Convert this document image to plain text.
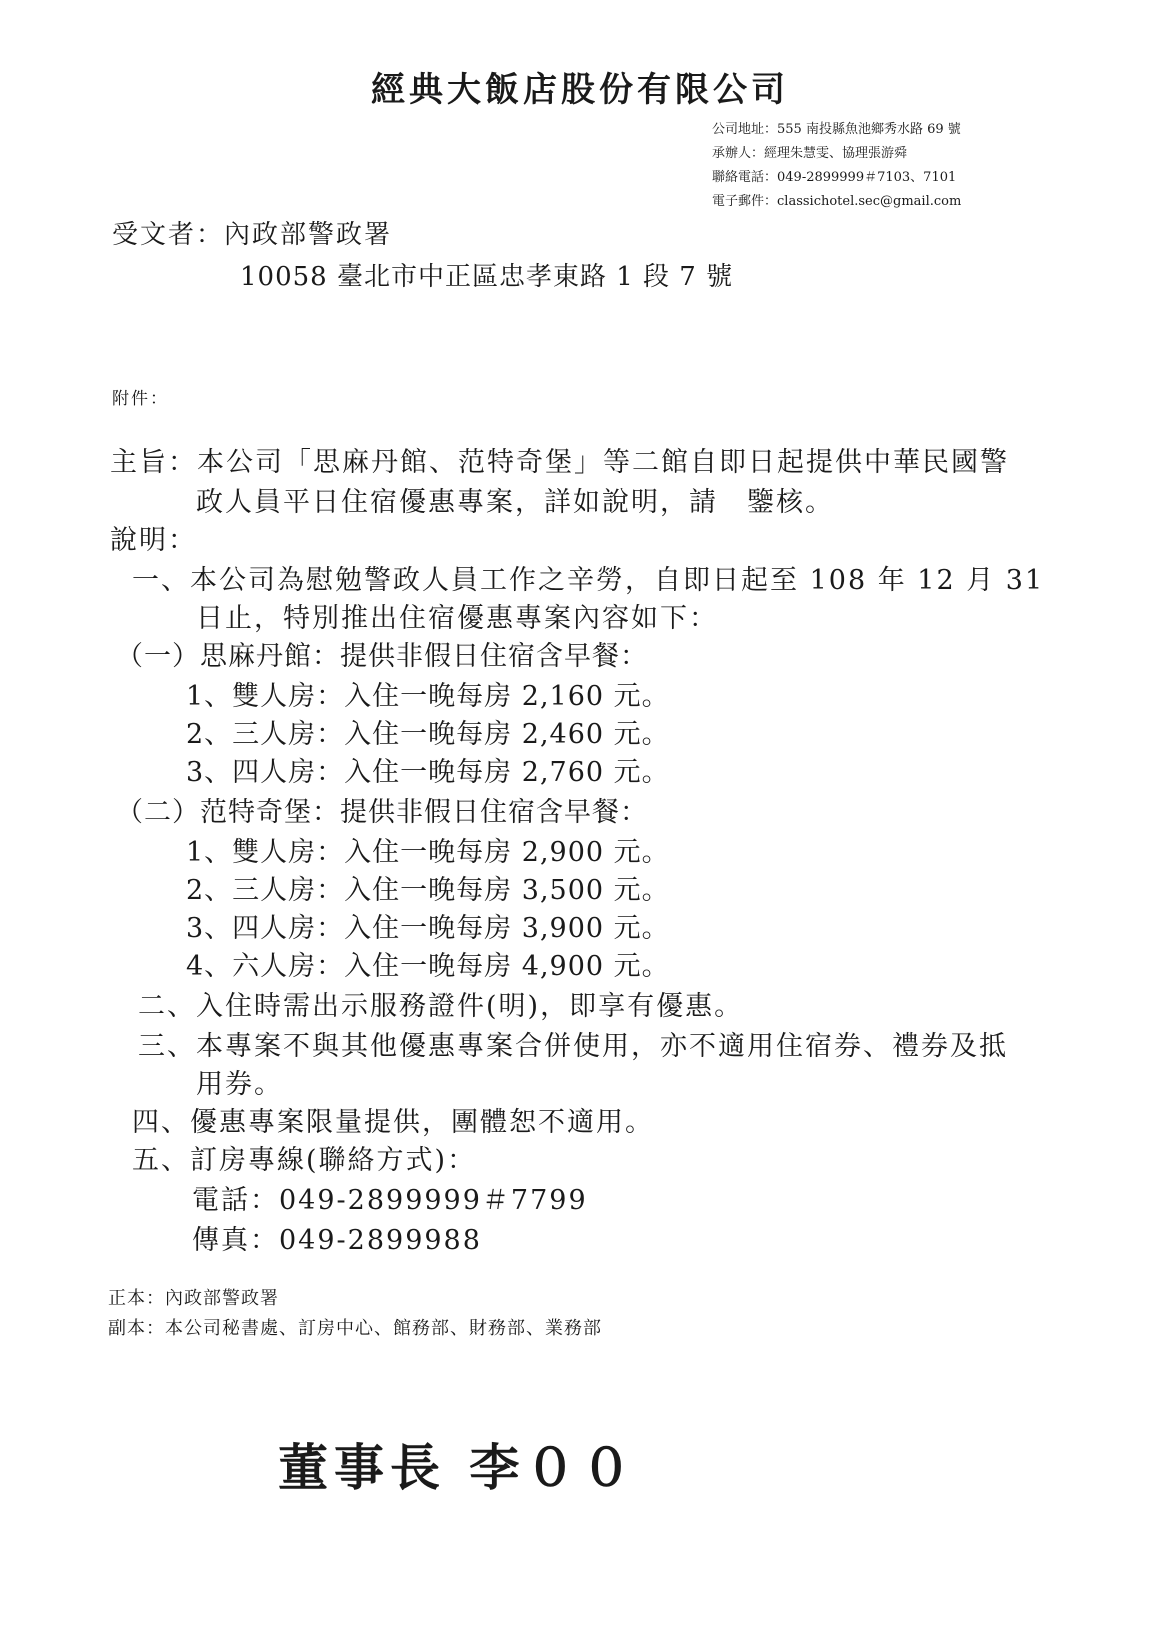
經典大飯店股份有限公司
公司地址：555 南投縣魚池鄉秀水路 69 號
承辦人：經理朱慧雯、協理張游舜
聯絡電話：049-2899999＃7103、7101
電子郵件：classichotel.sec@gmail.com
受文者：內政部警政署
10058 臺北市中正區忠孝東路 1 段 7 號
附件：
主旨：本公司「思麻丹館、范特奇堡」等二館自即日起提供中華民國警
政人員平日住宿優惠專案，詳如說明，請　鑒核。
說明：
一、本公司為慰勉警政人員工作之辛勞，自即日起至 108 年 12 月 31
日止，特別推出住宿優惠專案內容如下：
（一）思麻丹館：提供非假日住宿含早餐：
1、雙人房：入住一晚每房 2,160 元。
2、三人房：入住一晚每房 2,460 元。
3、四人房：入住一晚每房 2,760 元。
（二）范特奇堡：提供非假日住宿含早餐：
1、雙人房：入住一晚每房 2,900 元。
2、三人房：入住一晚每房 3,500 元。
3、四人房：入住一晚每房 3,900 元。
4、六人房：入住一晚每房 4,900 元。
二、入住時需出示服務證件(明)，即享有優惠。
三、本專案不與其他優惠專案合併使用，亦不適用住宿券、禮券及抵
用券。
四、優惠專案限量提供，團體恕不適用。
五、訂房專線(聯絡方式)：
電話：049-2899999＃7799
傳真：049-2899988
正本：內政部警政署
副本：本公司秘書處、訂房中心、館務部、財務部、業務部
董事長 李００
